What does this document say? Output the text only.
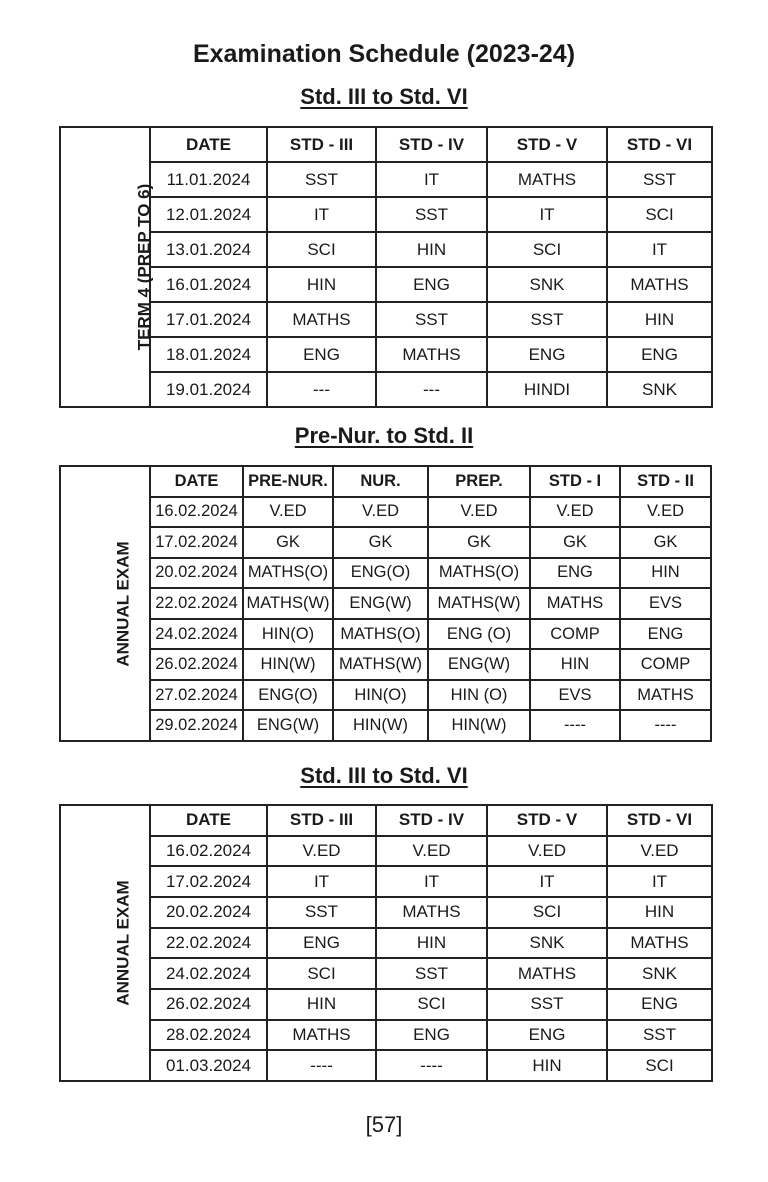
Examination Schedule (2023-24)
Std. III to Std. VI
TERM 4 (PREP TO 6)	DATE	STD - III	STD - IV	STD - V	STD - VI
	11.01.2024	SST	IT	MATHS	SST
	12.01.2024	IT	SST	IT	SCI
	13.01.2024	SCI	HIN	SCI	IT
	16.01.2024	HIN	ENG	SNK	MATHS
	17.01.2024	MATHS	SST	SST	HIN
	18.01.2024	ENG	MATHS	ENG	ENG
	19.01.2024	---	---	HINDI	SNK
Pre-Nur. to Std. II
ANNUAL EXAM	DATE	PRE-NUR.	NUR.	PREP.	STD - I	STD - II
	16.02.2024	V.ED	V.ED	V.ED	V.ED	V.ED
	17.02.2024	GK	GK	GK	GK	GK
	20.02.2024	MATHS(O)	ENG(O)	MATHS(O)	ENG	HIN
	22.02.2024	MATHS(W)	ENG(W)	MATHS(W)	MATHS	EVS
	24.02.2024	HIN(O)	MATHS(O)	ENG (O)	COMP	ENG
	26.02.2024	HIN(W)	MATHS(W)	ENG(W)	HIN	COMP
	27.02.2024	ENG(O)	HIN(O)	HIN (O)	EVS	MATHS
	29.02.2024	ENG(W)	HIN(W)	HIN(W)	----	----
Std. III to Std. VI
ANNUAL EXAM	DATE	STD - III	STD - IV	STD - V	STD - VI
	16.02.2024	V.ED	V.ED	V.ED	V.ED
	17.02.2024	IT	IT	IT	IT
	20.02.2024	SST	MATHS	SCI	HIN
	22.02.2024	ENG	HIN	SNK	MATHS
	24.02.2024	SCI	SST	MATHS	SNK
	26.02.2024	HIN	SCI	SST	ENG
	28.02.2024	MATHS	ENG	ENG	SST
	01.03.2024	----	----	HIN	SCI
[57]
